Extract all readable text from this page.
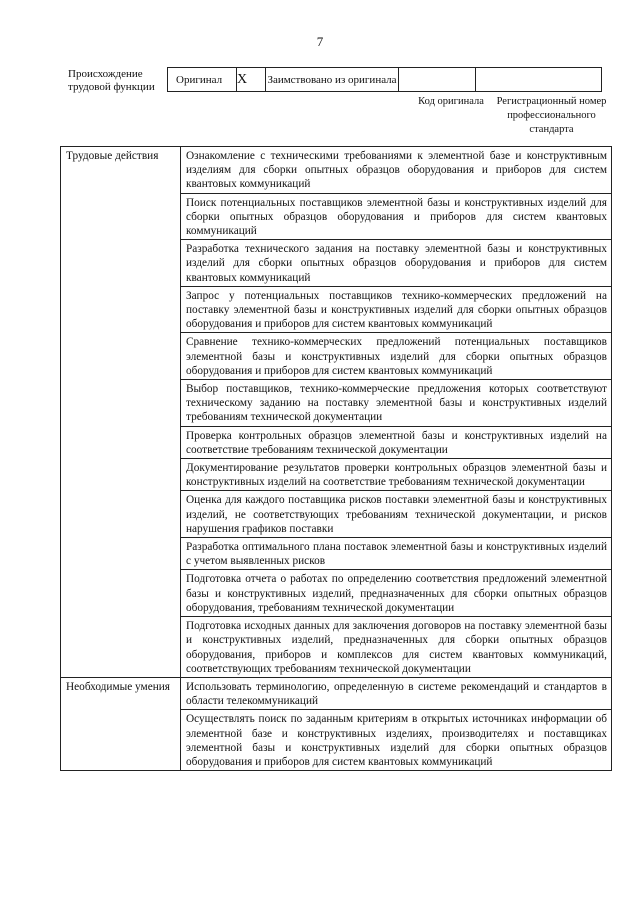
7
Происхождение трудовой функции
Оригинал	X	Заимствовано из оригинала		
Код оригинала	Регистрационный номер профессионального стандарта
Трудовые действия	Ознакомление с техническими требованиями к элементной базе и конструктивным изделиям для сборки опытных образцов оборудования и приборов для систем квантовых коммуникаций
	Поиск потенциальных поставщиков элементной базы и конструктивных изделий для сборки опытных образцов оборудования и приборов для систем квантовых коммуникаций
	Разработка технического задания на поставку элементной базы и конструктивных изделий для сборки опытных образцов оборудования и приборов для систем квантовых коммуникаций
	Запрос у потенциальных поставщиков технико-коммерческих предложений на поставку элементной базы и конструктивных изделий для сборки опытных образцов оборудования и приборов для систем квантовых коммуникаций
	Сравнение технико-коммерческих предложений потенциальных поставщиков элементной базы и конструктивных изделий для сборки опытных образцов оборудования и приборов для систем квантовых коммуникаций
	Выбор поставщиков, технико-коммерческие предложения которых соответствуют техническому заданию на поставку элементной базы и конструктивных изделий требованиям технической документации
	Проверка контрольных образцов элементной базы и конструктивных изделий на соответствие требованиям технической документации
	Документирование результатов проверки контрольных образцов элементной базы и конструктивных изделий на соответствие требованиям технической документации
	Оценка для каждого поставщика рисков поставки элементной базы и конструктивных изделий, не соответствующих требованиям технической документации, и рисков нарушения графиков поставки
	Разработка оптимального плана поставок элементной базы и конструктивных изделий с учетом выявленных рисков
	Подготовка отчета о работах по определению соответствия предложений элементной базы и конструктивных изделий, предназначенных для сборки опытных образцов оборудования, требованиям технической документации
	Подготовка исходных данных для заключения договоров на поставку элементной базы и конструктивных изделий, предназначенных для сборки опытных образцов оборудования, приборов и комплексов для систем квантовых коммуникаций, соответствующих требованиям технической документации
Необходимые умения	Использовать терминологию, определенную в системе рекомендаций и стандартов в области телекоммуникаций
	Осуществлять поиск по заданным критериям в открытых источниках информации об элементной базе и конструктивных изделиях, производителях и поставщиках элементной базы и конструктивных изделий для сборки опытных образцов оборудования и приборов для систем квантовых коммуникаций
